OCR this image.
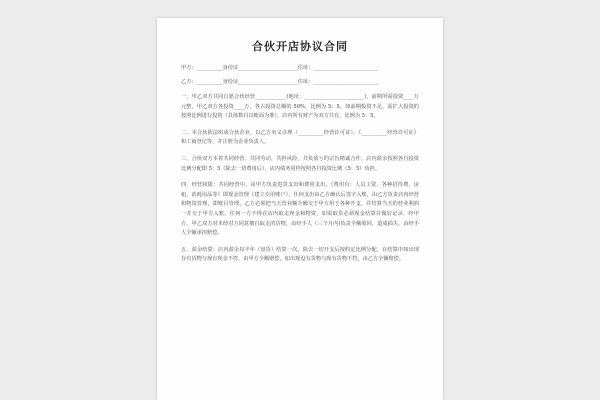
合伙开店协议合同
甲方：__________身份证_______________________住址：_________________________
乙方：__________身份证_______________________住址：_________________________
一、甲乙双方共同自愿合伙经营____________(地址：_______________________)，前期所需投资____万元整，甲乙双方各投资____万，各占投资总额的 50%，比例为 5：5。如前期投资不足，需扩大投资的按照比例进行投资（具体数目以账面为准），店内所有财产为双方共有，比例为 5：5。
二、本合伙依法组成合伙企业，以乙方名义办理（__________经营许可证）、《__________经营许可证》和工商登记等，并注册为企业负责人。
三、合伙双方本着共同经营、共同劳动，共担风险，共负盈亏的宗旨精诚合作。店内盈余按照各自投资比例分配即 5：5（除去一切费用后），店内债务同样按照各自投资比例（5：5）负担。
四、经营权限：共同经营中，由甲方负责进货支出和费用支出，（费用有：人员工资、各种招待费，房租，消耗用品等）即现金管理（建立专用账户），任何支出由乙方确认后签字入账，由乙方负责店内经营和物资管理，即账目管理。乙方必须把当天营业额全额交于甲方用于各种开支，并结算当天的营业利润一并交于甲方入账。任何一方不得在店内取走现金和物资，如需取货必须现金结算并做好记录，经甲方、甲乙双方对未经对方同意擅自取走的货物，由经手人（三个月内)负责全额收回，造成损失，由经手人全额承担赔偿。
五、盈余结算：店内盈余每半年（盘货）结算一次，除去一切开支后按约定比例分配，在结算中如出现存有货物与现有现金不符，由甲方全额赔偿，如出现没有货物与现有货物不符，由乙方全额赔偿。
